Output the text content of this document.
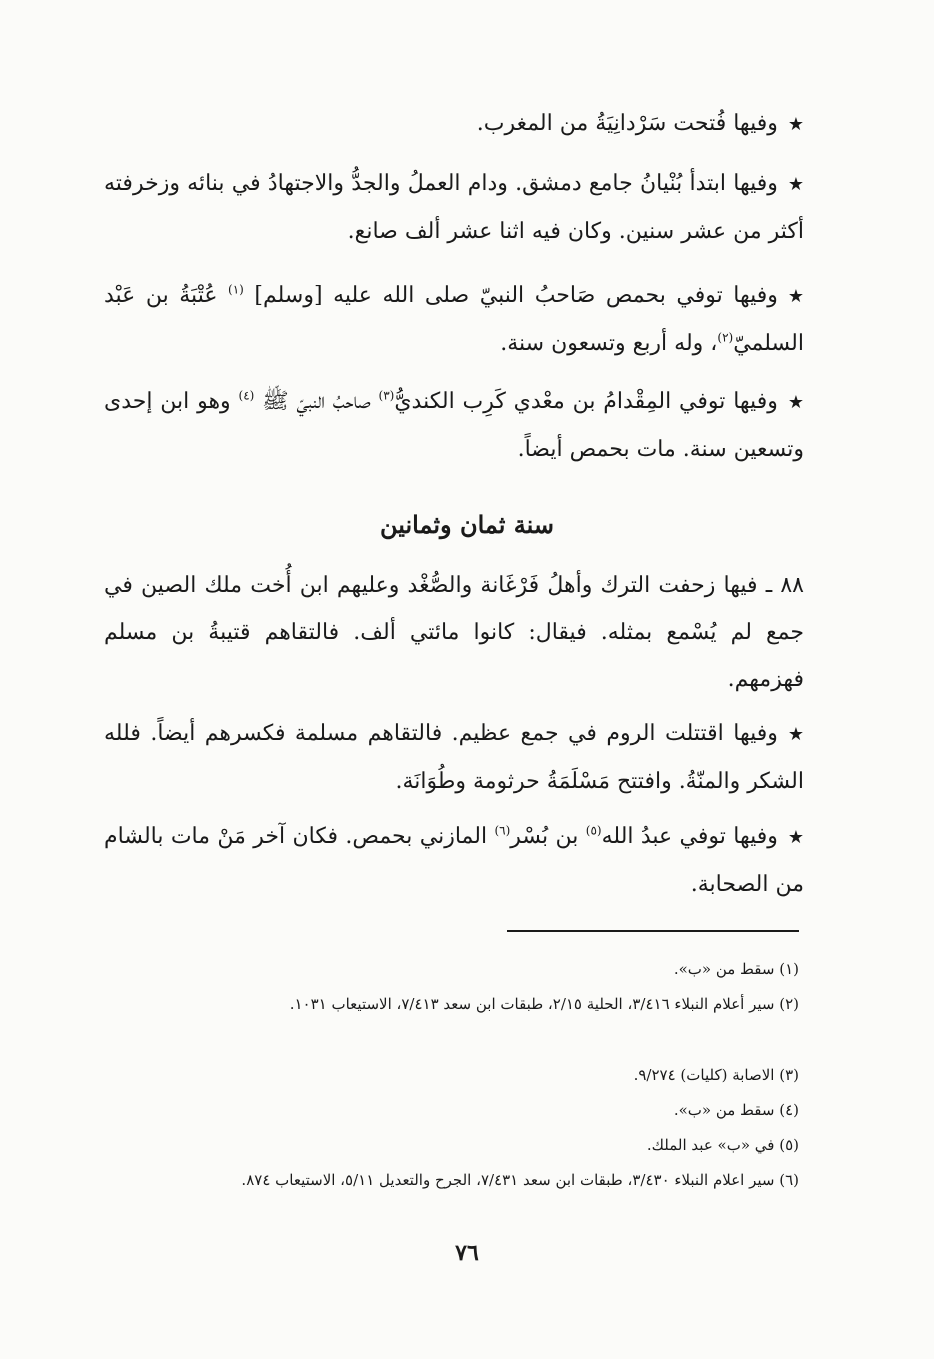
★وفيها فُتحت سَرْدانِيَةُ من المغرب.

★وفيها ابتدأ بُنْيانُ جامع دمشق. ودام العملُ والجدُّ والاجتهادُ في بنائه وزخرفته أكثر من عشر سنين. وكان فيه اثنا عشر ألف صانع.

★وفيها توفي بحمص صَاحبُ النبيّ صلى الله عليه [وسلم] $^{(١)}$ عُتْبَةُ بن عَبْد السلميّ$^{(٢)}$، وله أربع وتسعون سنة.

★وفيها توفي المِقْدامُ بن معْدي كَرِب الكنديُّ$^{(٣)}$ صاحبُ النبيّ ﷺ $^{(٤)}$ وهو ابن إحدى وتسعين سنة. مات بحمص أيضاً.

سنة ثمان وثمانين

٨٨ ـ فيها زحفت الترك وأهلُ فَرْغَانة والصُّغْد وعليهم ابن أُخت ملك الصين في جمع لم يُسْمع بمثله. فيقال: كانوا مائتي ألف. فالتقاهم قتيبةُ بن مسلم فهزمهم.

★وفيها اقتتلت الروم في جمع عظيم. فالتقاهم مسلمة فكسرهم أيضاً. فلله الشكر والمنّةُ. وافتتح مَسْلَمَةُ حرثومة وطُوَانَة.

★وفيها توفي عبدُ الله$^{(٥)}$ بن بُسْر$^{(٦)}$ المازني بحمص. فكان آخر مَنْ مات بالشام من الصحابة.

(١) سقط من «ب».
(٢) سير أعلام النبلاء ٣/٤١٦، الحلية ٢/١٥، طبقات ابن سعد ٧/٤١٣، الاستيعاب ١٠٣١.
(٣) الاصابة (كليات) ٩/٢٧٤.
(٤) سقط من «ب».
(٥) في «ب» عبد الملك.
(٦) سير اعلام النبلاء ٣/٤٣٠، طبقات ابن سعد ٧/٤٣١، الجرح والتعديل ٥/١١، الاستيعاب ٨٧٤.
٧٦
